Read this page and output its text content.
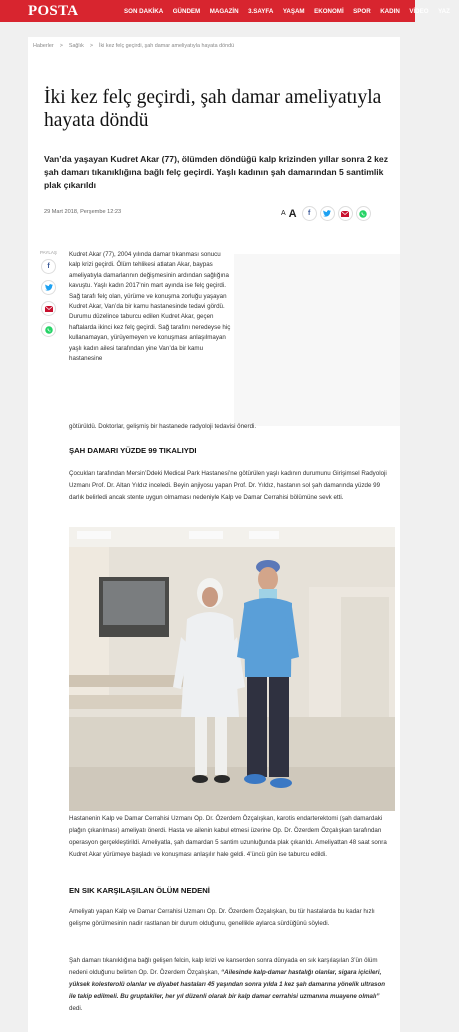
POSTA	SON DAKİKA GÜNDEM MAGAZİN 3.SAYFA YAŞAM EKONOMİ SPOR KADIN VİDEO YAZ
Haberler > Sağlık > İki kez felç geçirdi, şah damar ameliyatıyla hayata döndü
İki kez felç geçirdi, şah damar ameliyatıyla hayata döndü

Van’da yaşayan Kudret Akar (77), ölümden döndüğü kalp krizinden yıllar sonra 2 kez şah damarı tıkanıklığına bağlı felç geçirdi. Yaşlı kadının şah damarından 5 santimlik plak çıkarıldı

29 Mart 2018, Perşembe 12:23	A A	f
PAYLAŞ
f

Kudret Akar (77), 2004 yılında damar tıkanması sonucu kalp krizi geçirdi. Ölüm tehlikesi atlatan Akar, baypas ameliyatıyla damarlarının değişmesinin ardından sağlığına kavuştu. Yaşlı kadın 2017’nin mart ayında ise felç geçirdi. Sağ tarafı felç olan, yürüme ve konuşma zorluğu yaşayan Kudret Akar, Van’da bir kamu hastanesinde tedavi gördü. Durumu düzelince taburcu edilen Kudret Akar, geçen haftalarda ikinci kez felç geçirdi. Sağ tarafını neredeyse hiç kullanamayan, yürüyemeyen ve konuşması anlaşılmayan yaşlı kadın ailesi tarafından yine Van’da bir kamu hastanesine

götürüldü. Doktorlar, gelişmiş bir hastanede radyoloji tedavisi önerdi.

ŞAH DAMARI YÜZDE 99 TIKALIYDI

Çocukları tarafından Mersin’Ddeki Medical Park Hastanesi’ne götürülen yaşlı kadının durumunu Girişimsel Radyoloji Uzmanı Prof. Dr. Altan Yıldız inceledi. Beyin anjiyosu yapan Prof. Dr. Yıldız, hastanın sol şah damarında yüzde 99 darlık belirledi ancak stente uygun olmaması nedeniyle Kalp ve Damar Cerrahisi bölümüne sevk etti.

Hastanenin Kalp ve Damar Cerrahisi Uzmanı Op. Dr. Özerdem Özçalışkan, karotis endarterektomi (şah damardaki plağın çıkarılması) ameliyatı önerdi. Hasta ve ailenin kabul etmesi üzerine Op. Dr. Özerdem Özçalışkan tarafından operasyon gerçekleştirildi. Ameliyatla, şah damardan 5 santim uzunluğunda plak çıkarıldı. Ameliyattan 48 saat sonra Kudret Akar yürümeye başladı ve konuşması anlaşılır hale geldi. 4’üncü gün ise taburcu edildi.

EN SIK KARŞILAŞILAN ÖLÜM NEDENİ

Ameliyatı yapan Kalp ve Damar Cerrahisi Uzmanı Op. Dr. Özerdem Özçalışkan, bu tür hastalarda bu kadar hızlı gelişme görülmesinin nadir rastlanan bir durum olduğunu, genellikle aylarca sürdüğünü söyledi.

Şah damarı tıkanıklığına bağlı gelişen felcin, kalp krizi ve kanserden sonra dünyada en sık karşılaşılan 3’ün ölüm nedeni olduğunu belirten Op. Dr. Özerdem Özçalışkan, “Ailesinde kalp-damar hastalığı olanlar, sigara içicileri, yüksek kolesterolü olanlar ve diyabet hastaları 45 yaşından sonra yılda 1 kez şah damarına yönelik ultrason ile takip edilmeli. Bu gruptakiler, her yıl düzenli olarak bir kalp damar cerrahisi uzmanına muayene olmalı” dedi.
